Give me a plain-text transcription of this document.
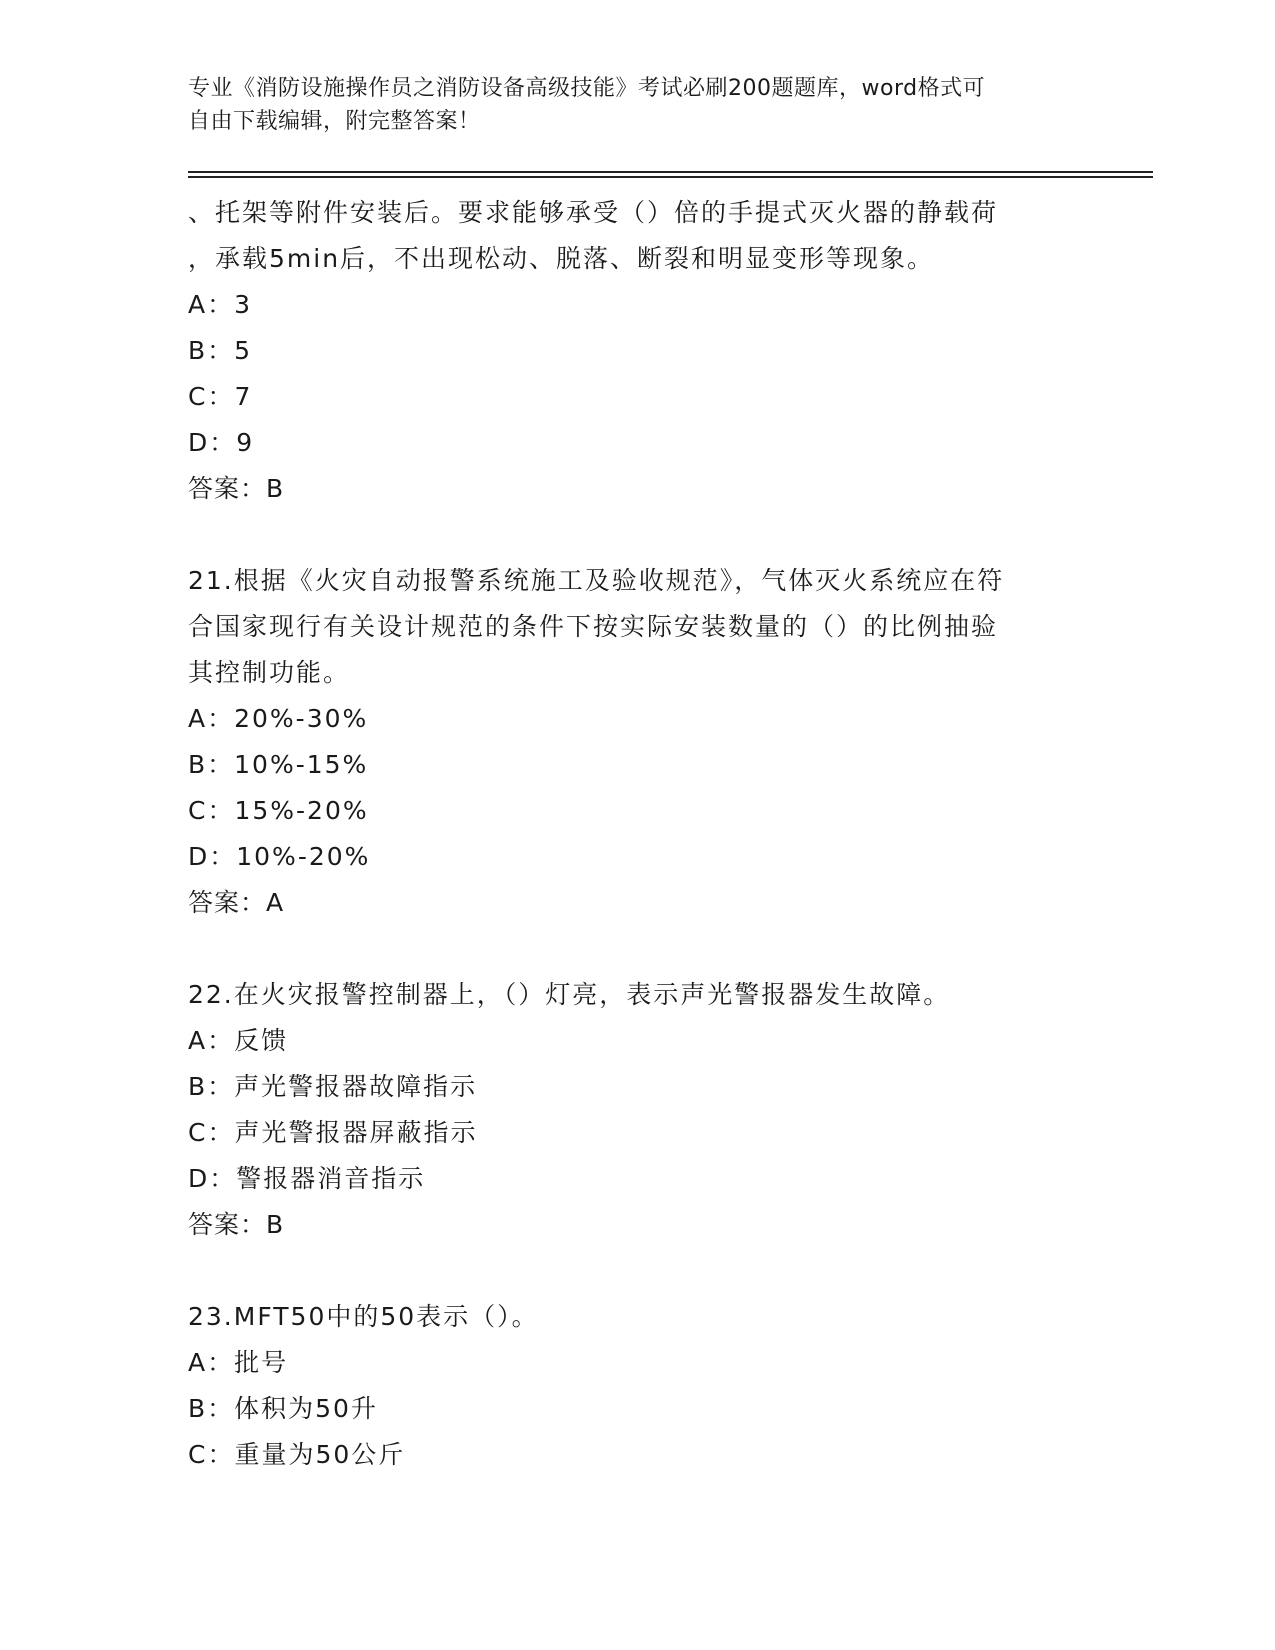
专业《消防设施操作员之消防设备高级技能》考试必刷200题题库，word格式可
自由下载编辑，附完整答案！
、托架等附件安装后。要求能够承受（）倍的手提式灭火器的静载荷
，承载5min后，不出现松动、脱落、断裂和明显变形等现象。
A：3
B：5
C：7
D：9
答案：B
21.根据《火灾自动报警系统施工及验收规范》，气体灭火系统应在符
合国家现行有关设计规范的条件下按实际安装数量的（）的比例抽验
其控制功能。
A：20%-30%
B：10%-15%
C：15%-20%
D：10%-20%
答案：A
22.在火灾报警控制器上，（）灯亮，表示声光警报器发生故障。
A：反馈
B：声光警报器故障指示
C：声光警报器屏蔽指示
D：警报器消音指示
答案：B
23.MFT50中的50表示（）。
A：批号
B：体积为50升
C：重量为50公斤
